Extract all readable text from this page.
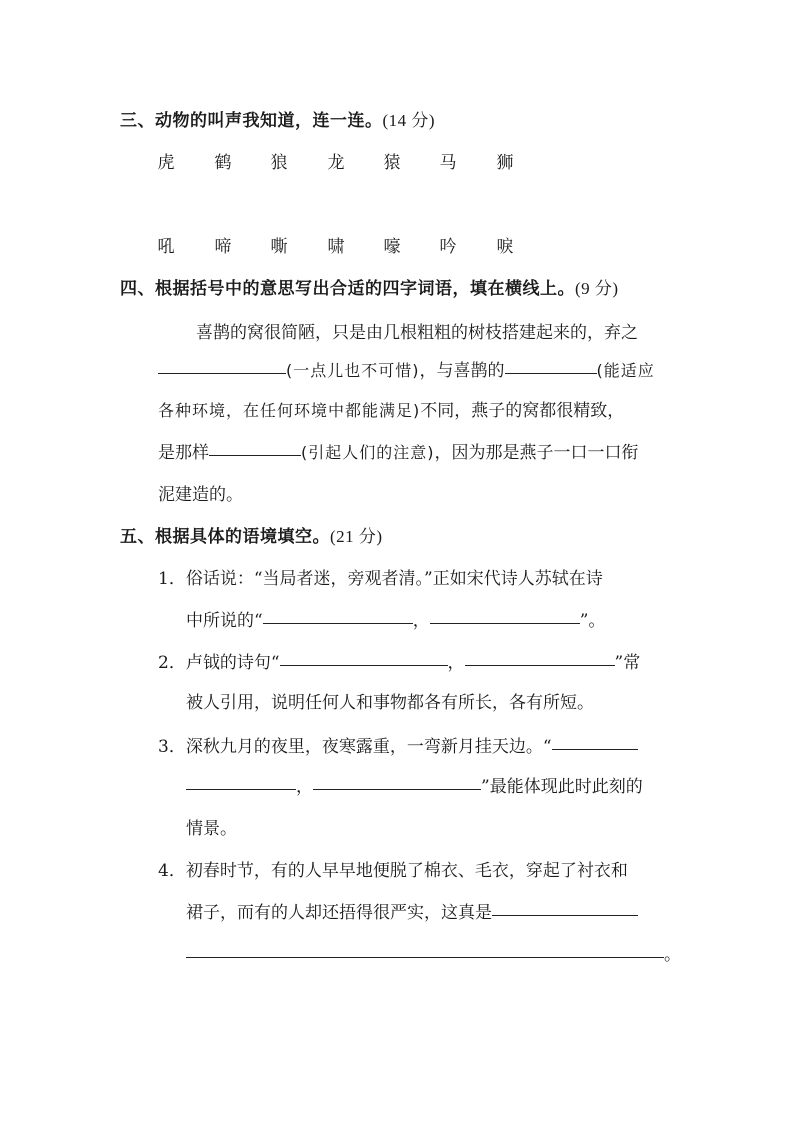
三、动物的叫声我知道，连一连。(14 分)
虎 鹤 狼 龙 猿 马 狮
吼 啼 嘶 啸 嚎 吟 唳
四、根据括号中的意思写出合适的四字词语，填在横线上。(9 分)
喜鹊的窝很简陋，只是由几根粗粗的树枝搭建起来的，弃之
(一点儿也不可惜)，与喜鹊的	(能适应
各种环境，在任何环境中都能满足)不同，燕子的窝都很精致，
是那样	(引起人们的注意)，因为那是燕子一口一口衔
泥建造的。
五、根据具体的语境填空。(21 分)
1．俗话说：“当局者迷，旁观者清。”正如宋代诗人苏轼在诗
中所说的“	，	”。
2．卢钺的诗句“	，	”常
被人引用，说明任何人和事物都各有所长，各有所短。
3．深秋九月的夜里，夜寒露重，一弯新月挂天边。“
，	”最能体现此时此刻的
情景。
4．初春时节，有的人早早地便脱了棉衣、毛衣，穿起了衬衣和
裙子，而有的人却还捂得很严实，这真是
。
